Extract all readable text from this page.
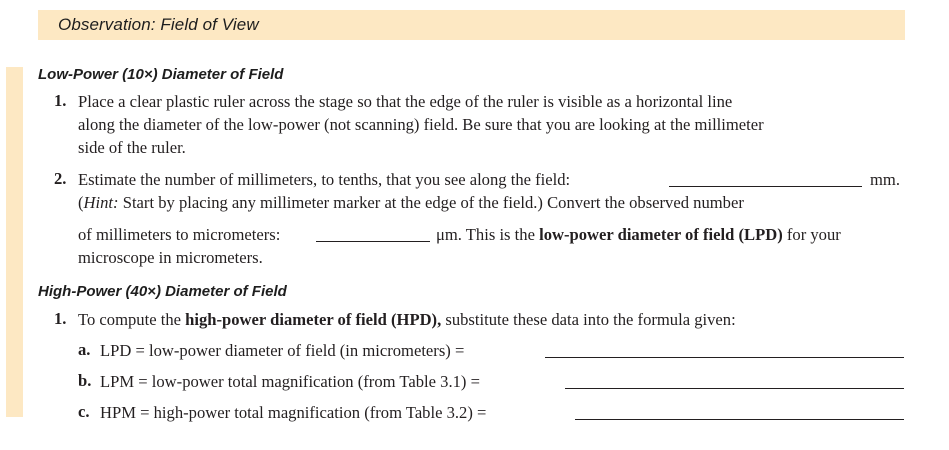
Observation: Field of View
Low-Power (10×) Diameter of Field
1. Place a clear plastic ruler across the stage so that the edge of the ruler is visible as a horizontal line
along the diameter of the low-power (not scanning) field. Be sure that you are looking at the millimeter
side of the ruler.
2. Estimate the number of millimeters, to tenths, that you see along the field:	mm.
(Hint: Start by placing any millimeter marker at the edge of the field.) Convert the observed number
of millimeters to micrometers:	μm. This is the low-power diameter of field (LPD) for your
microscope in micrometers.
High-Power (40×) Diameter of Field
1. To compute the high-power diameter of field (HPD), substitute these data into the formula given:
a. LPD = low-power diameter of field (in micrometers) =
b. LPM = low-power total magnification (from Table 3.1) =
c. HPM = high-power total magnification (from Table 3.2) =
